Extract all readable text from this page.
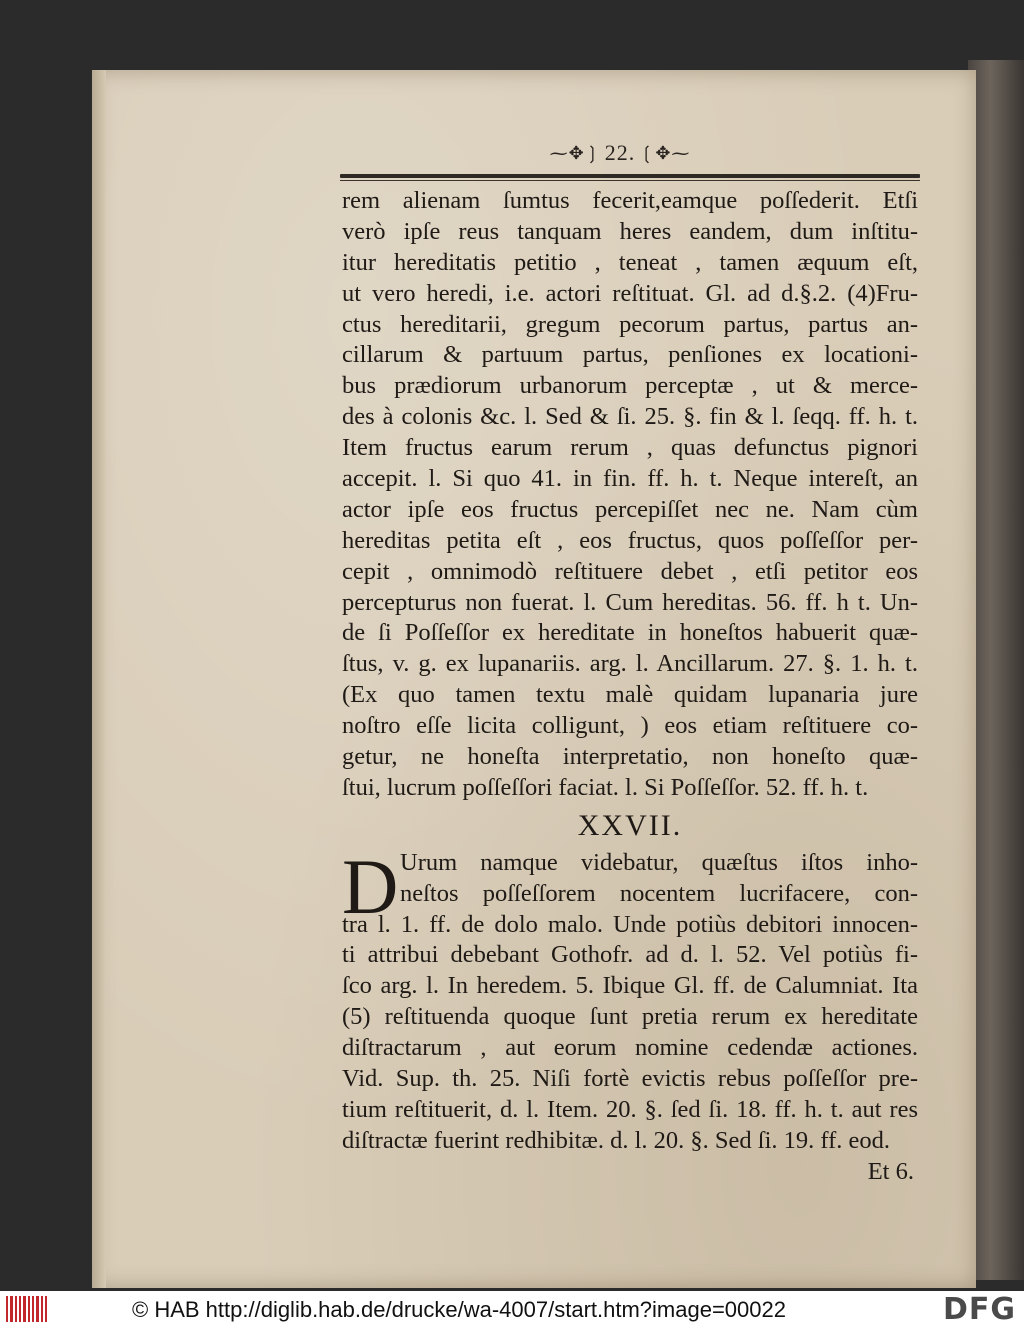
⁓✥❳ 22. ❲✥⁓
rem alienam ſumtus fecerit,eamque poſſederit. Etſi
verò ipſe reus tanquam heres eandem, dum inſtitu-
itur hereditatis petitio , teneat , tamen æquum eſt,
ut vero heredi, i.e. actori reſtituat. Gl. ad d.§.2. (4)Fru-
ctus hereditarii, gregum pecorum partus, partus an-
cillarum & partuum partus, penſiones ex locationi-
bus prædiorum urbanorum perceptæ , ut & merce-
des à colonis &c. l. Sed & ſi. 25. §. fin & l. ſeqq. ff. h. t.
Item fructus earum rerum , quas defunctus pignori
accepit. l. Si quo 41. in fin. ff. h. t. Neque intereſt, an
actor ipſe eos fructus percepiſſet nec ne. Nam cùm
hereditas petita eſt , eos fructus, quos poſſeſſor per-
cepit , omnimodò reſtituere debet , etſi petitor eos
percepturus non fuerat. l. Cum hereditas. 56. ff. h t. Un-
de ſi Poſſeſſor ex hereditate in honeſtos habuerit quæ-
ſtus, v. g. ex lupanariis. arg. l. Ancillarum. 27. §. 1. h. t.
(Ex quo tamen textu malè quidam lupanaria jure
noſtro eſſe licita colligunt, ) eos etiam reſtituere co-
getur, ne honeſta interpretatio, non honeſto quæ-
ſtui, lucrum poſſeſſori faciat. l. Si Poſſeſſor. 52. ff. h. t.
XXVII.
D Urum namque videbatur, quæſtus iſtos inho-
neſtos poſſeſſorem nocentem lucrifacere, con-
tra l. 1. ff. de dolo malo. Unde potiùs debitori innocen-
ti attribui debebant Gothofr. ad d. l. 52. Vel potiùs fi-
ſco arg. l. In heredem. 5. Ibique Gl. ff. de Calumniat. Ita
(5) reſtituenda quoque ſunt pretia rerum ex hereditate
diſtractarum , aut eorum nomine cedendæ actiones.
Vid. Sup. th. 25. Niſi fortè evictis rebus poſſeſſor pre-
tium reſtituerit, d. l. Item. 20. §. ſed ſi. 18. ff. h. t. aut res
diſtractæ fuerint redhibitæ. d. l. 20. §. Sed ſi. 19. ff. eod.
Et 6.
© HAB http://diglib.hab.de/drucke/wa-4007/start.htm?image=00022	DFG
